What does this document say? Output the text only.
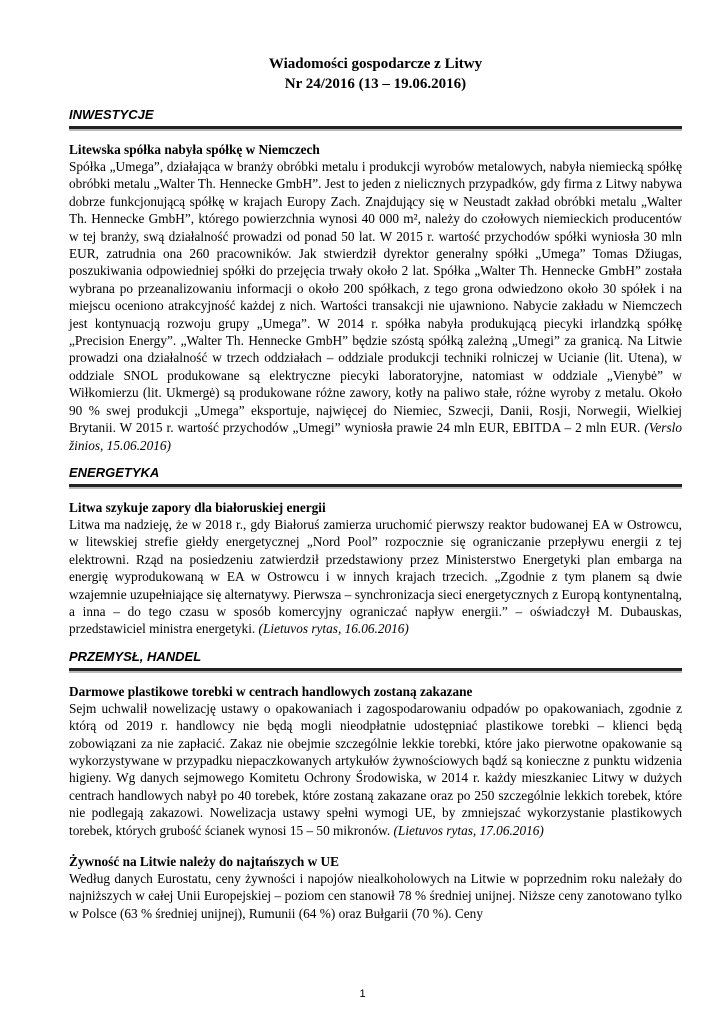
Wiadomości gospodarcze z Litwy
Nr 24/2016 (13 – 19.06.2016)
INWESTYCJE
Litewska spółka nabyła spółkę w Niemczech
Spółka „Umega”, działająca w branży obróbki metalu i produkcji wyrobów metalowych, nabyła niemiecką spółkę obróbki metalu „Walter Th. Hennecke GmbH”. Jest to jeden z nielicznych przypadków, gdy firma z Litwy nabywa dobrze funkcjonującą spółkę w krajach Europy Zach. Znajdujący się w Neustadt zakład obróbki metalu „Walter Th. Hennecke GmbH”, którego powierzchnia wynosi 40 000 m², należy do czołowych niemieckich producentów w tej branży, swą działalność prowadzi od ponad 50 lat. W 2015 r. wartość przychodów spółki wyniosła 30 mln EUR, zatrudnia ona 260 pracowników. Jak stwierdził dyrektor generalny spółki „Umega” Tomas Džiugas, poszukiwania odpowiedniej spółki do przejęcia trwały około 2 lat. Spółka „Walter Th. Hennecke GmbH” została wybrana po przeanalizowaniu informacji o około 200 spółkach, z tego grona odwiedzono około 30 spółek i na miejscu oceniono atrakcyjność każdej z nich. Wartości transakcji nie ujawniono. Nabycie zakładu w Niemczech jest kontynuacją rozwoju grupy „Umega”. W 2014 r. spółka nabyła produkującą piecyki irlandzką spółkę „Precision Energy”. „Walter Th. Hennecke GmbH” będzie szóstą spółką zależną „Umegi” za granicą. Na Litwie prowadzi ona działalność w trzech oddziałach – oddziale produkcji techniki rolniczej w Ucianie (lit. Utena), w oddziale SNOL produkowane są elektryczne piecyki laboratoryjne, natomiast w oddziale „Vienybė” w Wiłkomierzu (lit. Ukmergė) są produkowane różne zawory, kotły na paliwo stałe, różne wyroby z metalu. Około 90 % swej produkcji „Umega” eksportuje, najwięcej do Niemiec, Szwecji, Danii, Rosji, Norwegii, Wielkiej Brytanii. W 2015 r. wartość przychodów „Umegi” wyniosła prawie 24 mln EUR, EBITDA – 2 mln EUR. (Verslo žinios, 15.06.2016)
ENERGETYKA
Litwa szykuje zapory dla białoruskiej energii
Litwa ma nadzieję, że w 2018 r., gdy Białoruś zamierza uruchomić pierwszy reaktor budowanej EA w Ostrowcu, w litewskiej strefie giełdy energetycznej „Nord Pool” rozpocznie się ograniczanie przepływu energii z tej elektrowni. Rząd na posiedzeniu zatwierdził przedstawiony przez Ministerstwo Energetyki plan embarga na energię wyprodukowaną w EA w Ostrowcu i w innych krajach trzecich. „Zgodnie z tym planem są dwie wzajemnie uzupełniające się alternatywy. Pierwsza – synchronizacja sieci energetycznych z Europą kontynentalną, a inna – do tego czasu w sposób komercyjny ograniczać napływ energii.” – oświadczył M. Dubauskas, przedstawiciel ministra energetyki. (Lietuvos rytas, 16.06.2016)
PRZEMYSŁ, HANDEL
Darmowe plastikowe torebki w centrach handlowych zostaną zakazane
Sejm uchwalił nowelizację ustawy o opakowaniach i zagospodarowaniu odpadów po opakowaniach, zgodnie z którą od 2019 r. handlowcy nie będą mogli nieodpłatnie udostępniać plastikowe torebki – klienci będą zobowiązani za nie zapłacić. Zakaz nie obejmie szczególnie lekkie torebki, które jako pierwotne opakowanie są wykorzystywane w przypadku niepaczkowanych artykułów żywnościowych bądź są konieczne z punktu widzenia higieny. Wg danych sejmowego Komitetu Ochrony Środowiska, w 2014 r. każdy mieszkaniec Litwy w dużych centrach handlowych nabył po 40 torebek, które zostaną zakazane oraz po 250 szczególnie lekkich torebek, które nie podlegają zakazowi. Nowelizacja ustawy spełni wymogi UE, by zmniejszać wykorzystanie plastikowych torebek, których grubość ścianek wynosi 15 – 50 mikronów. (Lietuvos rytas, 17.06.2016)
Żywność na Litwie należy do najtańszych w UE
Według danych Eurostatu, ceny żywności i napojów niealkoholowych na Litwie w poprzednim roku należały do najniższych w całej Unii Europejskiej – poziom cen stanowił 78 % średniej unijnej. Niższe ceny zanotowano tylko w Polsce (63 % średniej unijnej), Rumunii (64 %) oraz Bułgarii (70 %). Ceny
1
